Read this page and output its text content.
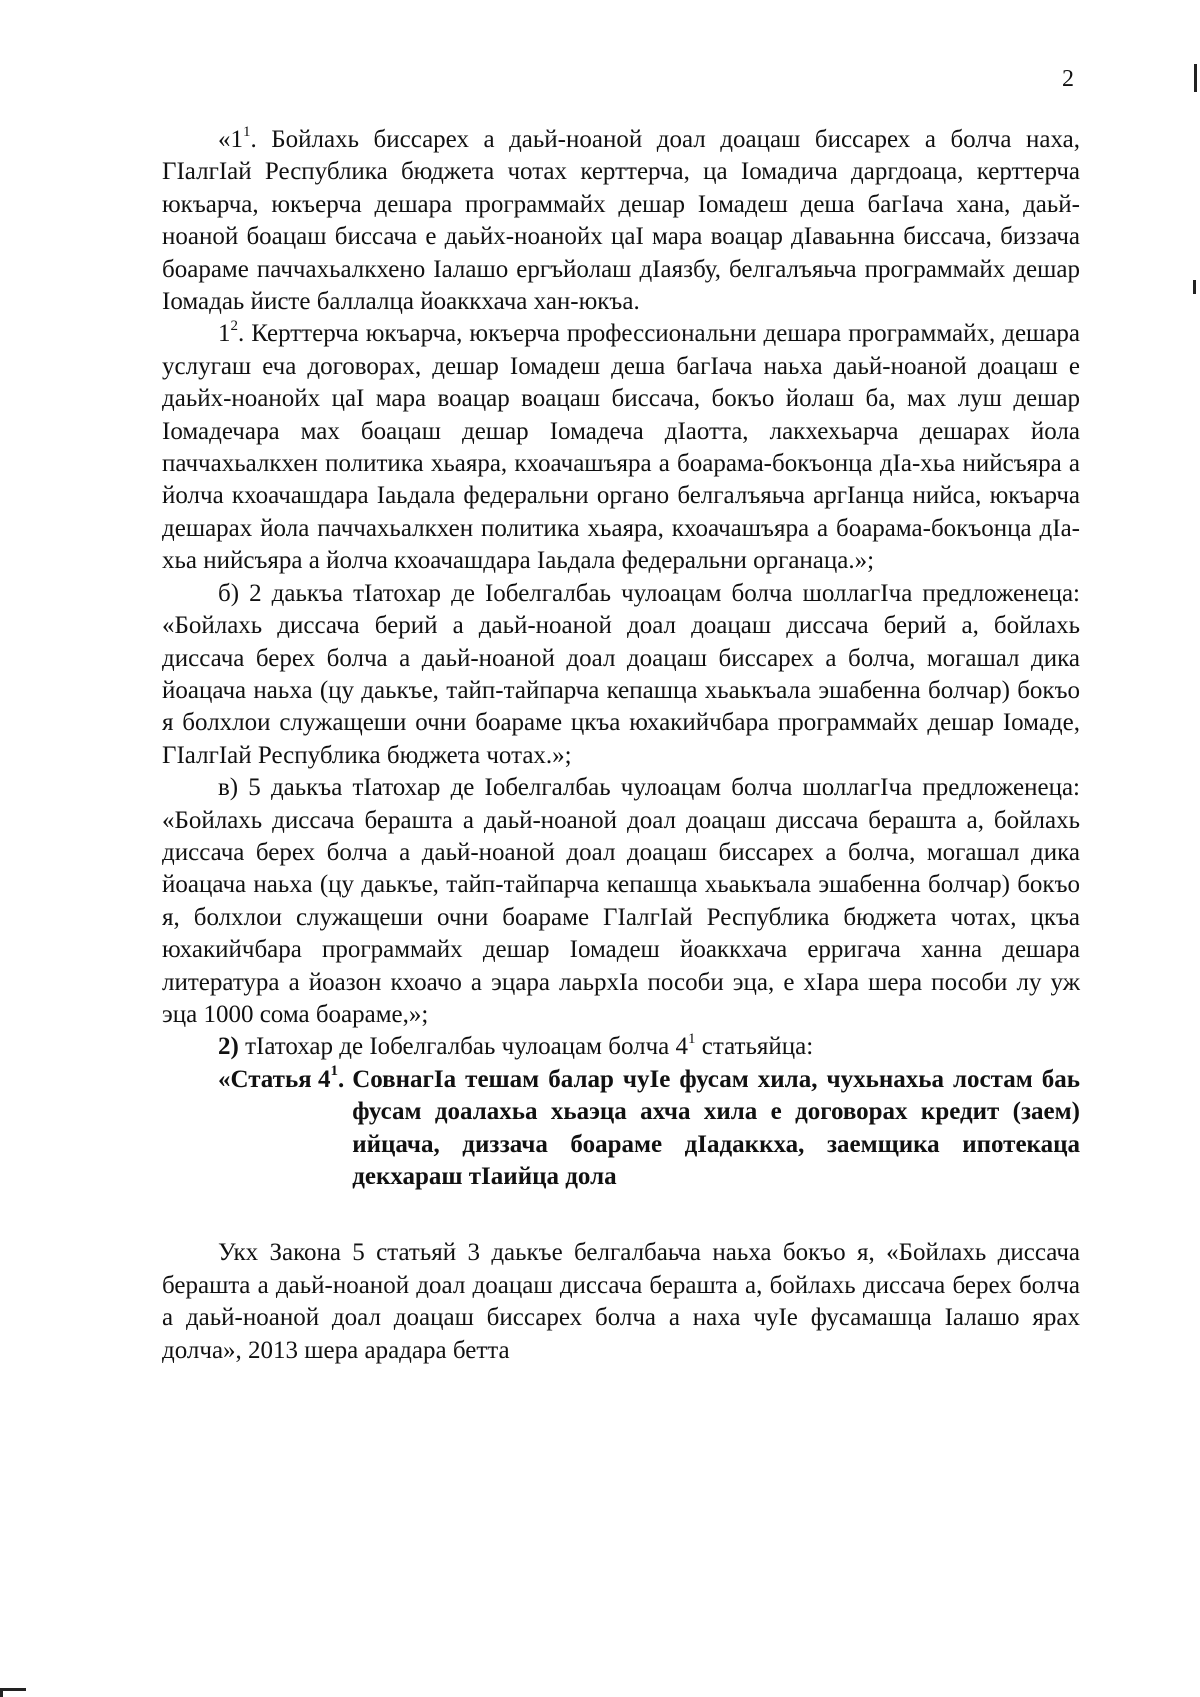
2

«$1^1$. Бойлахь биссарех а даьй-ноаной доал доацаш биссарех а болча наха, ГIалгIай Республика бюджета чотах керттерча, ца Iомадича даргдоаца, керттерча юкъарча, юкъерча дешара программайх дешар Iомадеш деша багIача хана, даьй-ноаной боацаш биссача е даьйх-ноанойх цаI мара воацар дIаваьнна биссача, биззача боараме паччахьалкхено Iалашо ергъйолаш дIаязбу, белгалъяьча программайх дешар Iомадаь йисте баллалца йоаккхача хан-юкъа.

$1^2$. Керттерча юкъарча, юкъерча профессиональни дешара программайх, дешара услугаш еча договорах, дешар Iомадеш деша багIача наьха даьй-ноаной доацаш е даьйх-ноанойх цаI мара воацар воацаш биссача, бокъо йолаш ба, мах луш дешар Iомадечара мах боацаш дешар Iомадеча дIаотта, лакхехьарча дешарах йола паччахьалкхен политика хьаяра, кхоачашъяра а боарама-бокъонца дIа-хьа нийсъяра а йолча кхоачашдара Iаьдала федеральни органо белгалъяьча аргIанца нийса, юкъарча дешарах йола паччахьалкхен политика хьаяра, кхоачашъяра а боарама-бокъонца дIа-хьа нийсъяра а йолча кхоачашдара Iаьдала федеральни органаца.»;

б) 2 даькъа тIатохар де Iобелгалбаь чулоацам болча шоллагIча предложенеца: «Бойлахь диссача берий а даьй-ноаной доал доацаш диссача берий а, бойлахь диссача берех болча а даьй-ноаной доал доацаш биссарех а болча, могашал дика йоацача наьха (цу даькъе, тайп-тайпарча кепашца хьаькъала эшабенна болчар) бокъо я болхлои служащеши очни боараме цкъа юхакийчбара программайх дешар Iомаде, ГIалгIай Республика бюджета чотах.»;

в) 5 даькъа тIатохар де Iобелгалбаь чулоацам болча шоллагIча предложенеца: «Бойлахь диссача бераштa а даьй-ноаной доал доацаш диссача бераштa а, бойлахь диссача берех болча а даьй-ноаной доал доацаш биссарех а болча, могашал дика йоацача наьха (цу даькъе, тайп-тайпарча кепашца хьаькъала эшабенна болчар) бокъо я, болхлои служащеши очни боараме ГIалгIай Республика бюджета чотах, цкъа юхакийчбара программайх дешар Iомадеш йоаккхача ерригача ханна дешара литература а йоазон кхоачо а эцара лаьрхIа пособи эца, е хIара шера пособи лу уж эца 1000 сома боараме,»;

2) тIатохар де Iобелгалбаь чулоацам болча $4^1$ статьяйца:

«Статья $4^1$. СовнагIа тешам балар чуIе фусам хила, чухьнахьа лостам баь фусам доалахьа хьаэца ахча хила е договорах кредит (заем) ийцача, диззача боараме дIадаккха, заемщика ипотекаца декхараш тIаийца дола

Укх Закона 5 статьяй 3 даькъе белгалбаьча наьха бокъо я, «Бойлахь диссача бераштa а даьй-ноаной доал доацаш диссача бераштa а, бойлахь диссача берех болча а даьй-ноаной доал доацаш биссарех болча а наха чуIе фусамашца Iалашо ярах долча», 2013 шера арадара бетта
